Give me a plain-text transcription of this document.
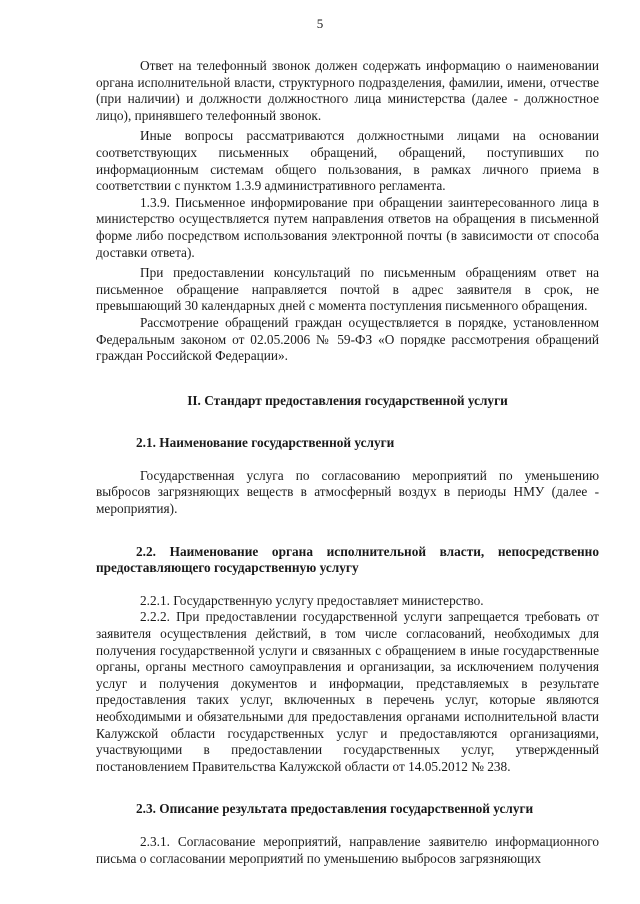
5

Ответ на телефонный звонок должен содержать информацию о наименовании органа исполнительной власти, структурного подразделения, фамилии, имени, отчестве (при наличии) и должности должностного лица министерства (далее - должностное лицо), принявшего телефонный звонок.

Иные вопросы рассматриваются должностными лицами на основании соответствующих письменных обращений, обращений, поступивших по информационным системам общего пользования, в рамках личного приема в соответствии с пунктом 1.3.9 административного регламента.

1.3.9. Письменное информирование при обращении заинтересованного лица в министерство осуществляется путем направления ответов на обращения в письменной форме либо посредством использования электронной почты (в зависимости от способа доставки ответа).

При предоставлении консультаций по письменным обращениям ответ на письменное обращение направляется почтой в адрес заявителя в срок, не превышающий 30 календарных дней с момента поступления письменного обращения.

Рассмотрение обращений граждан осуществляется в порядке, установленном Федеральным законом от 02.05.2006 № 59-ФЗ «О порядке рассмотрения обращений граждан Российской Федерации».

II. Стандарт предоставления государственной услуги
2.1. Наименование государственной услуги

Государственная услуга по согласованию мероприятий по уменьшению выбросов загрязняющих веществ в атмосферный воздух в периоды НМУ (далее - мероприятия).

2.2. Наименование органа исполнительной власти, непосредственно предоставляющего государственную услугу

2.2.1. Государственную услугу предоставляет министерство.

2.2.2. При предоставлении государственной услуги запрещается требовать от заявителя осуществления действий, в том числе согласований, необходимых для получения государственной услуги и связанных с обращением в иные государственные органы, органы местного самоуправления и организации, за исключением получения услуг и получения документов и информации, представляемых в результате предоставления таких услуг, включенных в перечень услуг, которые являются необходимыми и обязательными для предоставления органами исполнительной власти Калужской области государственных услуг и предоставляются организациями, участвующими в предоставлении государственных услуг, утвержденный постановлением Правительства Калужской области от 14.05.2012 № 238.

2.3. Описание результата предоставления государственной услуги

2.3.1. Согласование мероприятий, направление заявителю информационного письма о согласовании мероприятий по уменьшению выбросов загрязняющих
